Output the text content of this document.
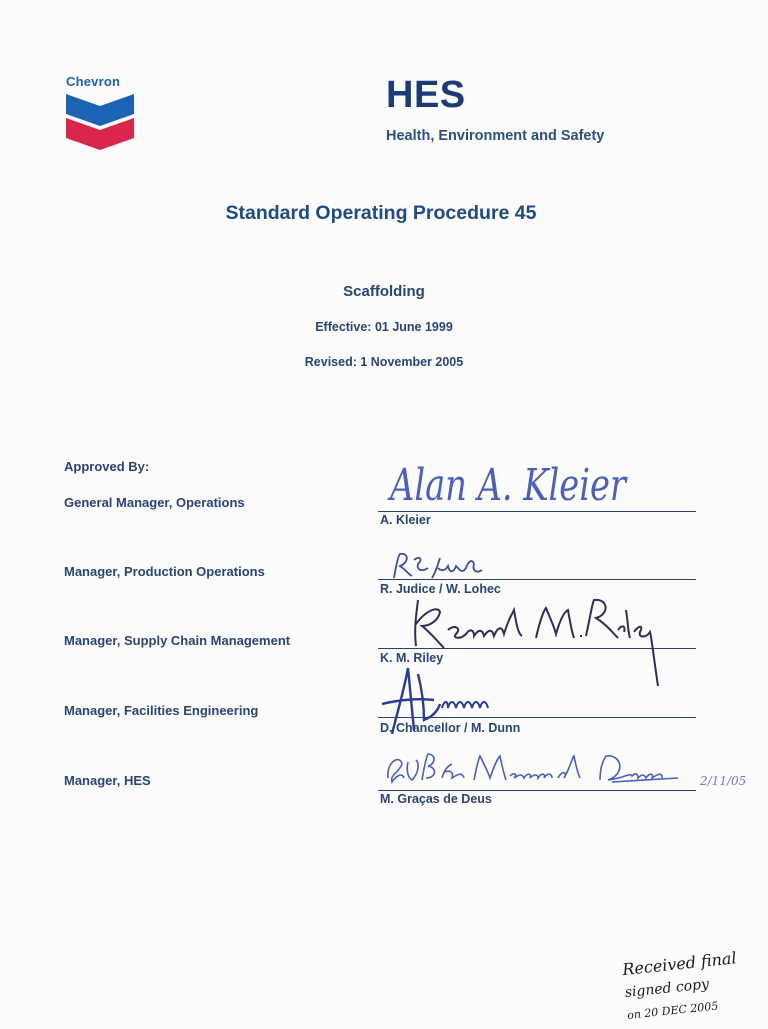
Chevron	HES
Health, Environment and Safety
Standard Operating Procedure 45
Scaffolding
Effective: 01 June 1999
Revised: 1 November 2005
Approved By:
General Manager, Operations
A. Kleier
Alan A. Kleier
Manager, Production Operations
R. Judice / W. Lohec
Manager, Supply Chain Management
K. M. Riley
Manager, Facilities Engineering
D. Chancellor / M. Dunn
Manager, HES
M. Graças de Deus
2/11/05
Received final
signed copy
on 20 DEC 2005
